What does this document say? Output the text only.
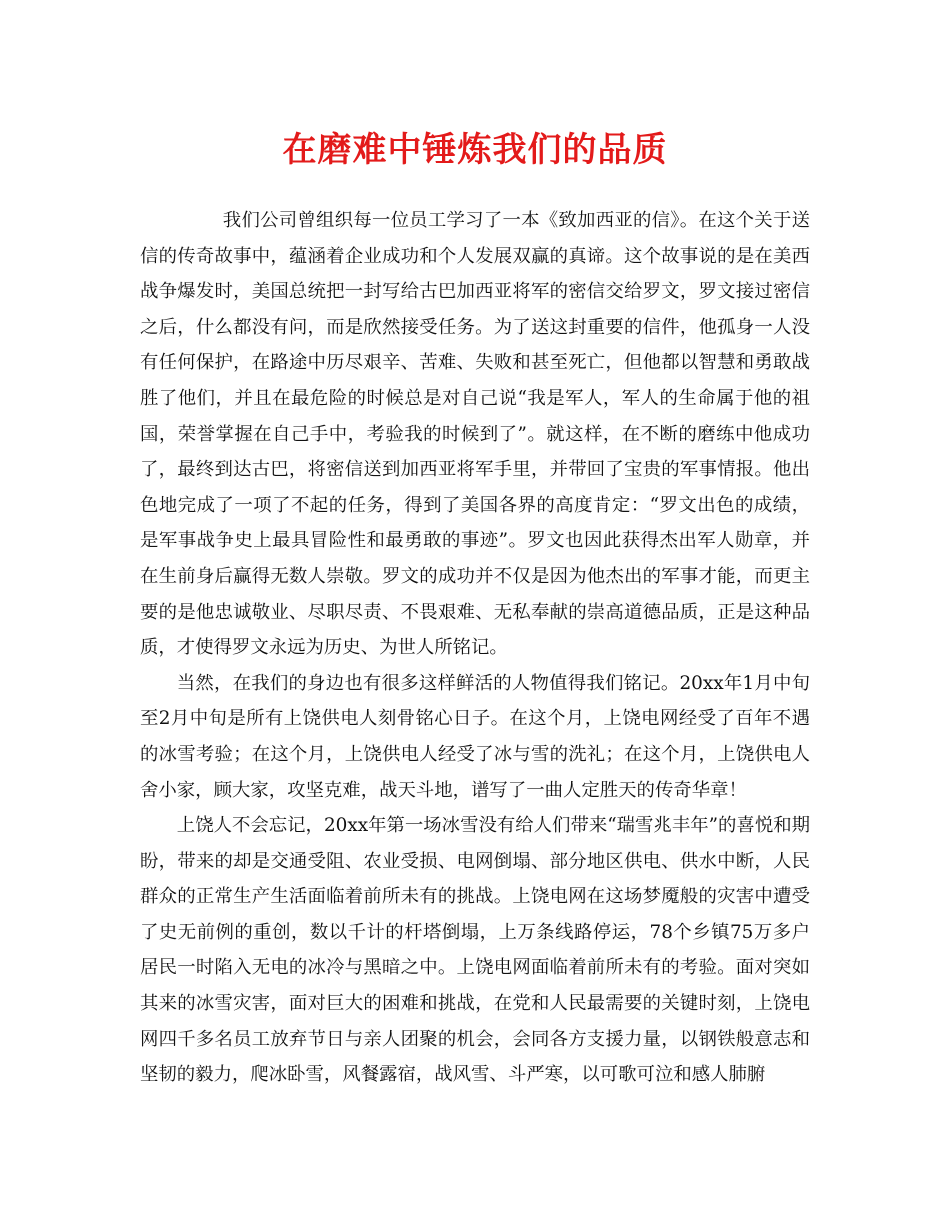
在磨难中锤炼我们的品质

我们公司曾组织每一位员工学习了一本《致加西亚的信》。在这个关于送信的传奇故事中，蕴涵着企业成功和个人发展双赢的真谛。这个故事说的是在美西战争爆发时，美国总统把一封写给古巴加西亚将军的密信交给罗文，罗文接过密信之后，什么都没有问，而是欣然接受任务。为了送这封重要的信件，他孤身一人没有任何保护，在路途中历尽艰辛、苦难、失败和甚至死亡，但他都以智慧和勇敢战胜了他们，并且在最危险的时候总是对自己说“我是军人，军人的生命属于他的祖国，荣誉掌握在自己手中，考验我的时候到了”。就这样，在不断的磨练中他成功了，最终到达古巴，将密信送到加西亚将军手里，并带回了宝贵的军事情报。他出色地完成了一项了不起的任务，得到了美国各界的高度肯定：“罗文出色的成绩，是军事战争史上最具冒险性和最勇敢的事迹”。罗文也因此获得杰出军人勋章，并在生前身后赢得无数人崇敬。罗文的成功并不仅是因为他杰出的军事才能，而更主要的是他忠诚敬业、尽职尽责、不畏艰难、无私奉献的崇高道德品质，正是这种品质，才使得罗文永远为历史、为世人所铭记。

当然，在我们的身边也有很多这样鲜活的人物值得我们铭记。20xx年1月中旬至2月中旬是所有上饶供电人刻骨铭心日子。在这个月，上饶电网经受了百年不遇的冰雪考验；在这个月，上饶供电人经受了冰与雪的洗礼；在这个月，上饶供电人舍小家，顾大家，攻坚克难，战天斗地，谱写了一曲人定胜天的传奇华章！

上饶人不会忘记，20xx年第一场冰雪没有给人们带来“瑞雪兆丰年”的喜悦和期盼，带来的却是交通受阻、农业受损、电网倒塌、部分地区供电、供水中断，人民群众的正常生产生活面临着前所未有的挑战。上饶电网在这场梦魇般的灾害中遭受了史无前例的重创，数以千计的杆塔倒塌，上万条线路停运，78个乡镇75万多户居民一时陷入无电的冰冷与黑暗之中。上饶电网面临着前所未有的考验。面对突如其来的冰雪灾害，面对巨大的困难和挑战，在党和人民最需要的关键时刻，上饶电网四千多名员工放弃节日与亲人团聚的机会，会同各方支援力量，以钢铁般意志和坚韧的毅力，爬冰卧雪，风餐露宿，战风雪、斗严寒，以可歌可泣和感人肺腑
